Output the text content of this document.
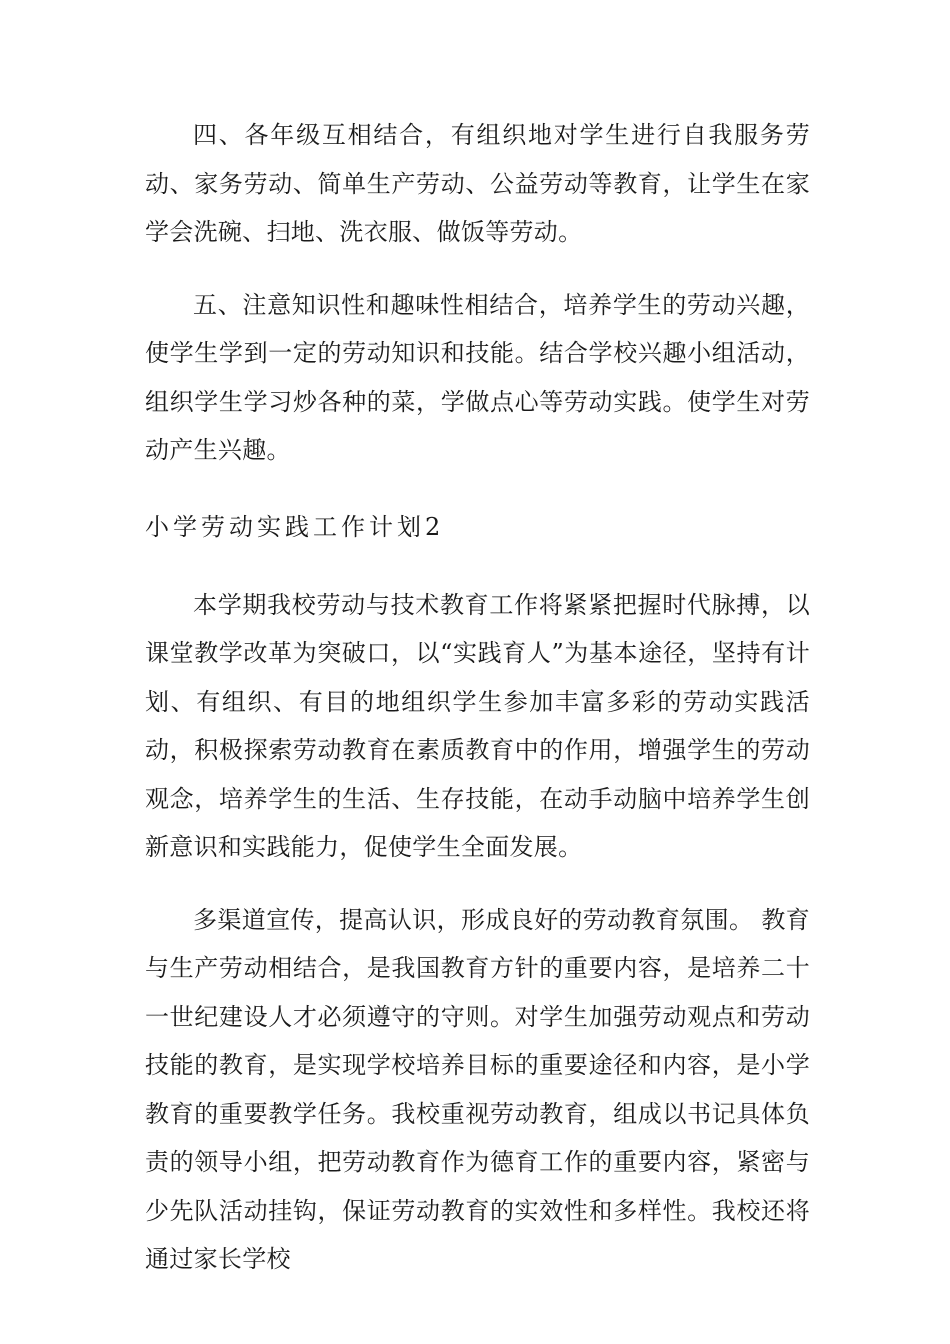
四、各年级互相结合，有组织地对学生进行自我服务劳动、家务劳动、简单生产劳动、公益劳动等教育，让学生在家学会洗碗、扫地、洗衣服、做饭等劳动。

五、注意知识性和趣味性相结合，培养学生的劳动兴趣，使学生学到一定的劳动知识和技能。结合学校兴趣小组活动，组织学生学习炒各种的菜，学做点心等劳动实践。使学生对劳动产生兴趣。

小学劳动实践工作计划2

本学期我校劳动与技术教育工作将紧紧把握时代脉搏，以课堂教学改革为突破口，以“实践育人”为基本途径，坚持有计划、有组织、有目的地组织学生参加丰富多彩的劳动实践活动，积极探索劳动教育在素质教育中的作用，增强学生的劳动观念，培养学生的生活、生存技能，在动手动脑中培养学生创新意识和实践能力，促使学生全面发展。

多渠道宣传，提高认识，形成良好的劳动教育氛围。 教育与生产劳动相结合，是我国教育方针的重要内容，是培养二十一世纪建设人才必须遵守的守则。对学生加强劳动观点和劳动技能的教育，是实现学校培养目标的重要途径和内容，是小学教育的重要教学任务。我校重视劳动教育，组成以书记具体负责的领导小组，把劳动教育作为德育工作的重要内容，紧密与少先队活动挂钩，保证劳动教育的实效性和多样性。我校还将通过家长学校
